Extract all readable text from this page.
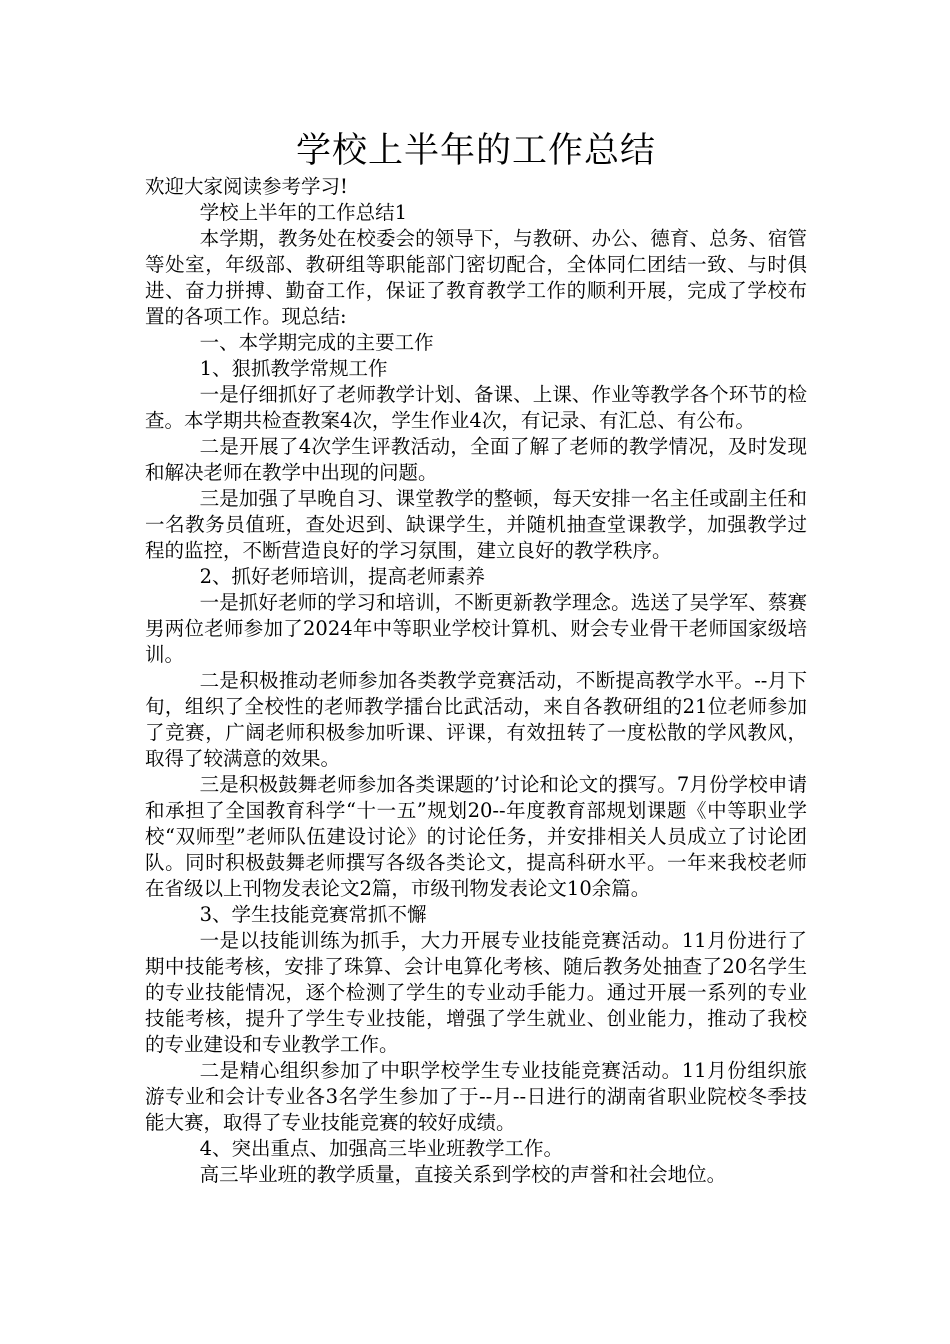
学校上半年的工作总结

欢迎大家阅读参考学习!

学校上半年的工作总结1

本学期，教务处在校委会的领导下，与教研、办公、德育、总务、宿管等处室，年级部、教研组等职能部门密切配合，全体同仁团结一致、与时俱进、奋力拼搏、勤奋工作，保证了教育教学工作的顺利开展，完成了学校布置的各项工作。现总结:

一、本学期完成的主要工作

1、狠抓教学常规工作

一是仔细抓好了老师教学计划、备课、上课、作业等教学各个环节的检查。本学期共检查教案4次，学生作业4次，有记录、有汇总、有公布。

二是开展了4次学生评教活动，全面了解了老师的教学情况，及时发现和解决老师在教学中出现的问题。

三是加强了早晚自习、课堂教学的整顿，每天安排一名主任或副主任和一名教务员值班，查处迟到、缺课学生，并随机抽查堂课教学，加强教学过程的监控，不断营造良好的学习氛围，建立良好的教学秩序。

2、抓好老师培训，提高老师素养

一是抓好老师的学习和培训，不断更新教学理念。选送了吴学军、蔡赛男两位老师参加了2024年中等职业学校计算机、财会专业骨干老师国家级培训。

二是积极推动老师参加各类教学竞赛活动，不断提高教学水平。--月下旬，组织了全校性的老师教学擂台比武活动，来自各教研组的21位老师参加了竞赛，广阔老师积极参加听课、评课，有效扭转了一度松散的学风教风，取得了较满意的效果。

三是积极鼓舞老师参加各类课题的’讨论和论文的撰写。7月份学校申请和承担了全国教育科学“十一五”规划20--年度教育部规划课题《中等职业学校“双师型”老师队伍建设讨论》的讨论任务，并安排相关人员成立了讨论团队。同时积极鼓舞老师撰写各级各类论文，提高科研水平。一年来我校老师在省级以上刊物发表论文2篇，市级刊物发表论文10余篇。

3、学生技能竞赛常抓不懈

一是以技能训练为抓手，大力开展专业技能竞赛活动。11月份进行了期中技能考核，安排了珠算、会计电算化考核、随后教务处抽查了20名学生的专业技能情况，逐个检测了学生的专业动手能力。通过开展一系列的专业技能考核，提升了学生专业技能，增强了学生就业、创业能力，推动了我校的专业建设和专业教学工作。

二是精心组织参加了中职学校学生专业技能竞赛活动。11月份组织旅游专业和会计专业各3名学生参加了于--月--日进行的湖南省职业院校冬季技能大赛，取得了专业技能竞赛的较好成绩。

4、突出重点、加强高三毕业班教学工作。

高三毕业班的教学质量，直接关系到学校的声誉和社会地位。
